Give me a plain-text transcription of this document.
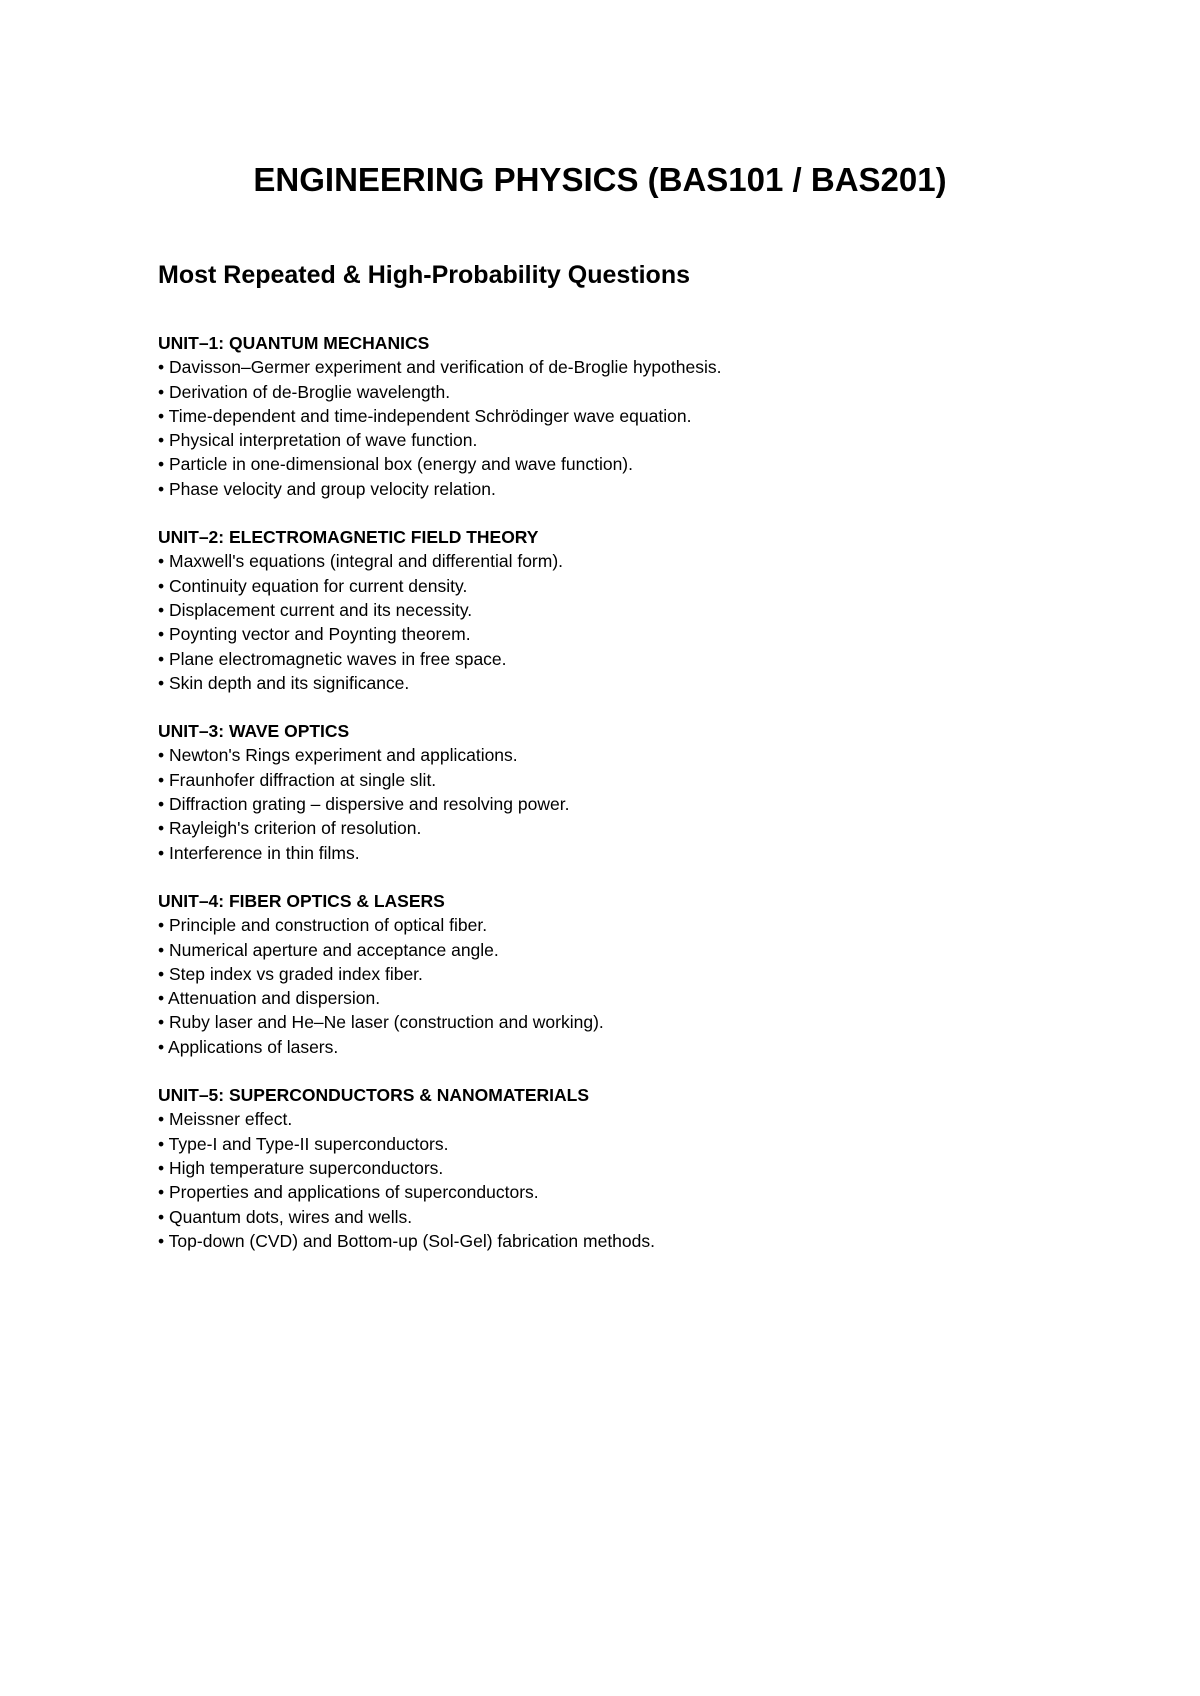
ENGINEERING PHYSICS (BAS101 / BAS201)
Most Repeated & High-Probability Questions
UNIT–1: QUANTUM MECHANICS
• Davisson–Germer experiment and verification of de-Broglie hypothesis.
• Derivation of de-Broglie wavelength.
• Time-dependent and time-independent Schrödinger wave equation.
• Physical interpretation of wave function.
• Particle in one-dimensional box (energy and wave function).
• Phase velocity and group velocity relation.
UNIT–2: ELECTROMAGNETIC FIELD THEORY
• Maxwell's equations (integral and differential form).
• Continuity equation for current density.
• Displacement current and its necessity.
• Poynting vector and Poynting theorem.
• Plane electromagnetic waves in free space.
• Skin depth and its significance.
UNIT–3: WAVE OPTICS
• Newton's Rings experiment and applications.
• Fraunhofer diffraction at single slit.
• Diffraction grating – dispersive and resolving power.
• Rayleigh's criterion of resolution.
• Interference in thin films.
UNIT–4: FIBER OPTICS & LASERS
• Principle and construction of optical fiber.
• Numerical aperture and acceptance angle.
• Step index vs graded index fiber.
• Attenuation and dispersion.
• Ruby laser and He–Ne laser (construction and working).
• Applications of lasers.
UNIT–5: SUPERCONDUCTORS & NANOMATERIALS
• Meissner effect.
• Type-I and Type-II superconductors.
• High temperature superconductors.
• Properties and applications of superconductors.
• Quantum dots, wires and wells.
• Top-down (CVD) and Bottom-up (Sol-Gel) fabrication methods.
